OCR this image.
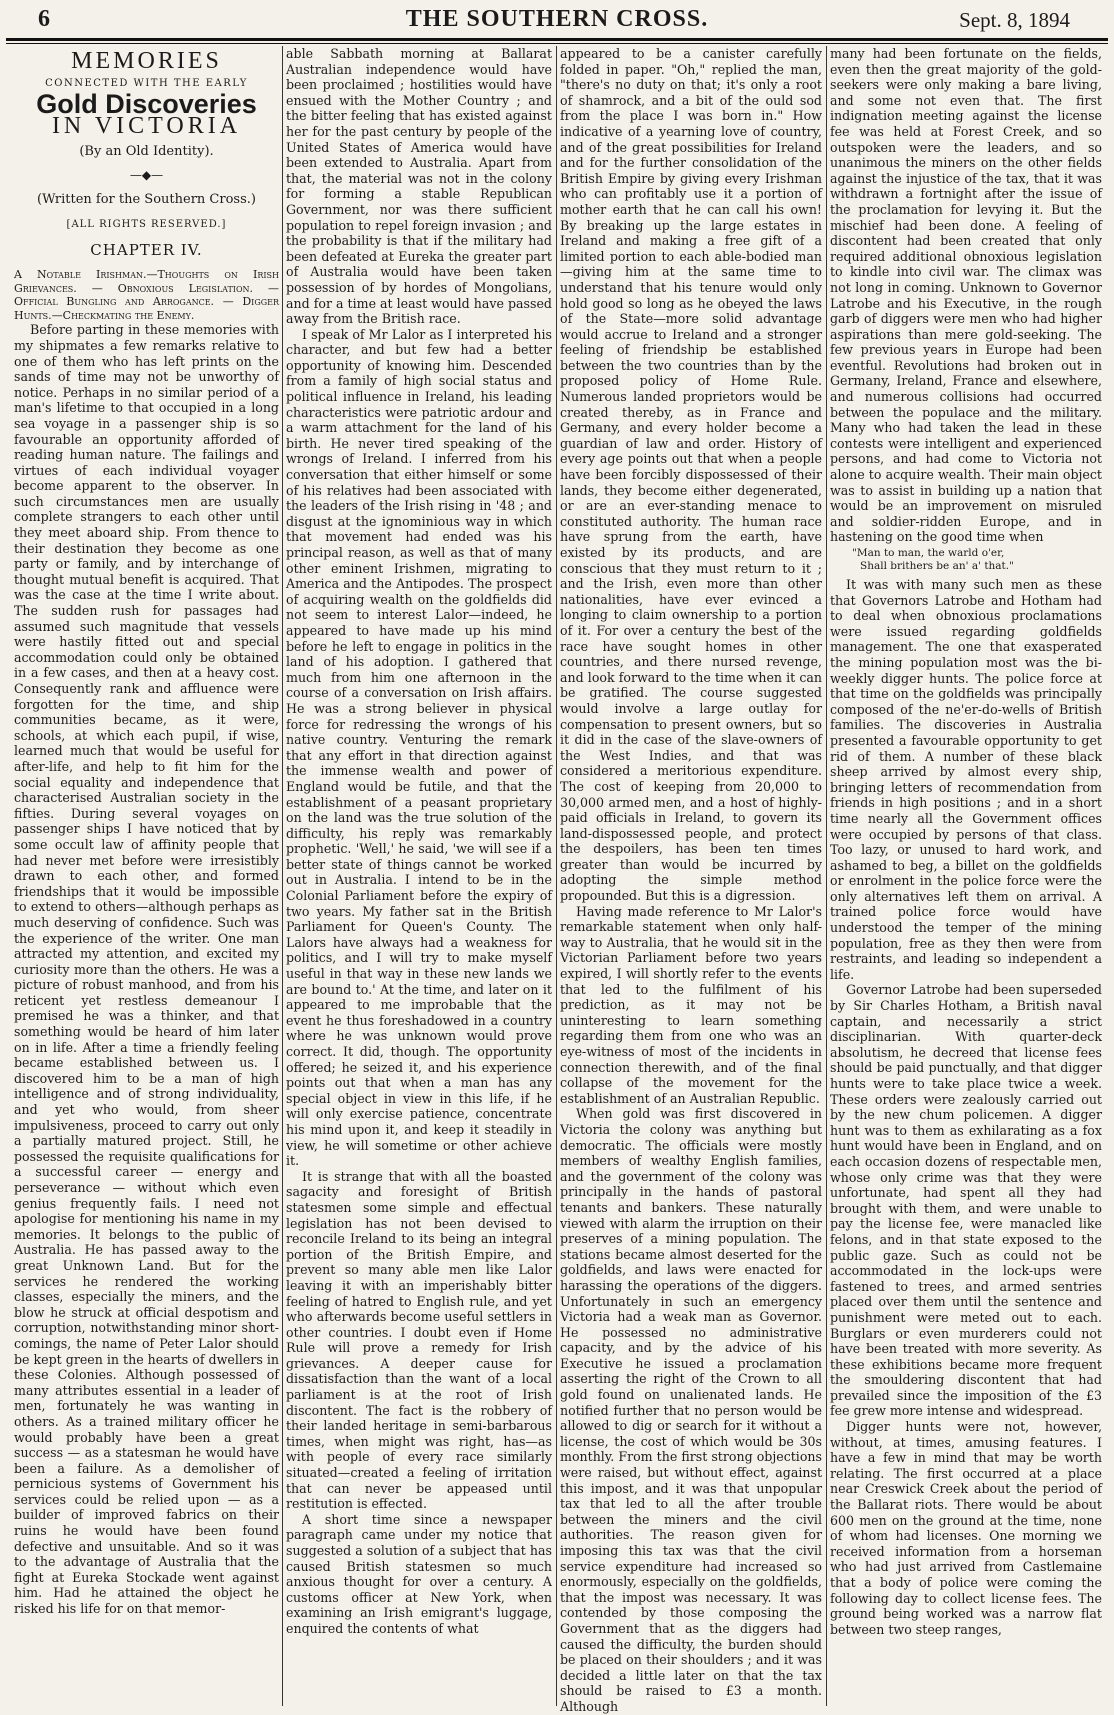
6	THE SOUTHERN CROSS.	Sept. 8, 1894
MEMORIES
CONNECTED WITH THE EARLY
Gold Discoveries
IN VICTORIA
(By an Old Identity).
—◆—
(Written for the Southern Cross.)
[ALL RIGHTS RESERVED.]
CHAPTER IV.

A Notable Irishman.—Thoughts on Irish Grievances. — Obnoxious Legislation. — Official Bungling and Arrogance. — Digger Hunts.—Checkmating the Enemy.

Before parting in these memories with my shipmates a few remarks relative to one of them who has left prints on the sands of time may not be unworthy of notice. Perhaps in no similar period of a man's lifetime to that occupied in a long sea voyage in a passenger ship is so favourable an opportunity afforded of reading human nature. The failings and virtues of each individual voyager become apparent to the observer. In such circumstances men are usually complete strangers to each other until they meet aboard ship. From thence to their destination they become as one party or family, and by interchange of thought mutual benefit is acquired. That was the case at the time I write about. The sudden rush for passages had assumed such magnitude that vessels were hastily fitted out and special accommodation could only be obtained in a few cases, and then at a heavy cost. Consequently rank and affluence were forgotten for the time, and ship communities became, as it were, schools, at which each pupil, if wise, learned much that would be useful for after-life, and help to fit him for the social equality and independence that characterised Australian society in the fifties. During several voyages on passenger ships I have noticed that by some occult law of affinity people that had never met before were irresistibly drawn to each other, and formed friendships that it would be impossible to extend to others—although perhaps as much deserving of confidence. Such was the experience of the writer. One man attracted my attention, and excited my curiosity more than the others. He was a picture of robust manhood, and from his reticent yet restless demeanour I premised he was a thinker, and that something would be heard of him later on in life. After a time a friendly feeling became established between us. I discovered him to be a man of high intelligence and of strong individuality, and yet who would, from sheer impulsiveness, proceed to carry out only a partially matured project. Still, he possessed the requisite qualifications for a successful career — energy and perseverance — without which even genius frequently fails. I need not apologise for mentioning his name in my memories. It belongs to the public of Australia. He has passed away to the great Unknown Land. But for the services he rendered the working classes, especially the miners, and the blow he struck at official despotism and corruption, notwithstanding minor short-comings, the name of Peter Lalor should be kept green in the hearts of dwellers in these Colonies. Although possessed of many attributes essential in a leader of men, fortunately he was wanting in others. As a trained military officer he would probably have been a great success — as a statesman he would have been a failure. As a demolisher of pernicious systems of Government his services could be relied upon — as a builder of improved fabrics on their ruins he would have been found defective and unsuitable. And so it was to the advantage of Australia that the fight at Eureka Stockade went against him. Had he attained the object he risked his life for on that memor-

able Sabbath morning at Ballarat Australian independence would have been proclaimed ; hostilities would have ensued with the Mother Country ; and the bitter feeling that has existed against her for the past century by people of the United States of America would have been extended to Australia. Apart from that, the material was not in the colony for forming a stable Republican Government, nor was there sufficient population to repel foreign invasion ; and the probability is that if the military had been defeated at Eureka the greater part of Australia would have been taken possession of by hordes of Mongolians, and for a time at least would have passed away from the British race.

I speak of Mr Lalor as I interpreted his character, and but few had a better opportunity of knowing him. Descended from a family of high social status and political influence in Ireland, his leading characteristics were patriotic ardour and a warm attachment for the land of his birth. He never tired speaking of the wrongs of Ireland. I inferred from his conversation that either himself or some of his relatives had been associated with the leaders of the Irish rising in '48 ; and disgust at the ignominious way in which that movement had ended was his principal reason, as well as that of many other eminent Irishmen, migrating to America and the Antipodes. The prospect of acquiring wealth on the goldfields did not seem to interest Lalor—indeed, he appeared to have made up his mind before he left to engage in politics in the land of his adoption. I gathered that much from him one afternoon in the course of a conversation on Irish affairs. He was a strong believer in physical force for redressing the wrongs of his native country. Venturing the remark that any effort in that direction against the immense wealth and power of England would be futile, and that the establishment of a peasant proprietary on the land was the true solution of the difficulty, his reply was remarkably prophetic. 'Well,' he said, 'we will see if a better state of things cannot be worked out in Australia. I intend to be in the Colonial Parliament before the expiry of two years. My father sat in the British Parliament for Queen's County. The Lalors have always had a weakness for politics, and I will try to make myself useful in that way in these new lands we are bound to.' At the time, and later on it appeared to me improbable that the event he thus foreshadowed in a country where he was unknown would prove correct. It did, though. The opportunity offered; he seized it, and his experience points out that when a man has any special object in view in this life, if he will only exercise patience, concentrate his mind upon it, and keep it steadily in view, he will sometime or other achieve it.

It is strange that with all the boasted sagacity and foresight of British statesmen some simple and effectual legislation has not been devised to reconcile Ireland to its being an integral portion of the British Empire, and prevent so many able men like Lalor leaving it with an imperishably bitter feeling of hatred to English rule, and yet who afterwards become useful settlers in other countries. I doubt even if Home Rule will prove a remedy for Irish grievances. A deeper cause for dissatisfaction than the want of a local parliament is at the root of Irish discontent. The fact is the robbery of their landed heritage in semi-barbarous times, when might was right, has—as with people of every race similarly situated—created a feeling of irritation that can never be appeased until restitution is effected.

A short time since a newspaper paragraph came under my notice that suggested a solution of a subject that has caused British statesmen so much anxious thought for over a century. A customs officer at New York, when examining an Irish emigrant's luggage, enquired the contents of what

appeared to be a canister carefully folded in paper. "Oh," replied the man, "there's no duty on that; it's only a root of shamrock, and a bit of the ould sod from the place I was born in." How indicative of a yearning love of country, and of the great possibilities for Ireland and for the further consolidation of the British Empire by giving every Irishman who can profitably use it a portion of mother earth that he can call his own! By breaking up the large estates in Ireland and making a free gift of a limited portion to each able-bodied man—giving him at the same time to understand that his tenure would only hold good so long as he obeyed the laws of the State—more solid advantage would accrue to Ireland and a stronger feeling of friendship be established between the two countries than by the proposed policy of Home Rule. Numerous landed proprietors would be created thereby, as in France and Germany, and every holder become a guardian of law and order. History of every age points out that when a people have been forcibly dispossessed of their lands, they become either degenerated, or are an ever-standing menace to constituted authority. The human race have sprung from the earth, have existed by its products, and are conscious that they must return to it ; and the Irish, even more than other nationalities, have ever evinced a longing to claim ownership to a portion of it. For over a century the best of the race have sought homes in other countries, and there nursed revenge, and look forward to the time when it can be gratified. The course suggested would involve a large outlay for compensation to present owners, but so it did in the case of the slave-owners of the West Indies, and that was considered a meritorious expenditure. The cost of keeping from 20,000 to 30,000 armed men, and a host of highly-paid officials in Ireland, to govern its land-dispossessed people, and protect the despoilers, has been ten times greater than would be incurred by adopting the simple method propounded. But this is a digression.

Having made reference to Mr Lalor's remarkable statement when only half-way to Australia, that he would sit in the Victorian Parliament before two years expired, I will shortly refer to the events that led to the fulfilment of his prediction, as it may not be uninteresting to learn something regarding them from one who was an eye-witness of most of the incidents in connection therewith, and of the final collapse of the movement for the establishment of an Australian Republic.

When gold was first discovered in Victoria the colony was anything but democratic. The officials were mostly members of wealthy English families, and the government of the colony was principally in the hands of pastoral tenants and bankers. These naturally viewed with alarm the irruption on their preserves of a mining population. The stations became almost deserted for the goldfields, and laws were enacted for harassing the operations of the diggers. Unfortunately in such an emergency Victoria had a weak man as Governor. He possessed no administrative capacity, and by the advice of his Executive he issued a proclamation asserting the right of the Crown to all gold found on unalienated lands. He notified further that no person would be allowed to dig or search for it without a license, the cost of which would be 30s monthly. From the first strong objections were raised, but without effect, against this impost, and it was that unpopular tax that led to all the after trouble between the miners and the civil authorities. The reason given for imposing this tax was that the civil service expenditure had increased so enormously, especially on the goldfields, that the impost was necessary. It was contended by those composing the Government that as the diggers had caused the difficulty, the burden should be placed on their shoulders ; and it was decided a little later on that the tax should be raised to £3 a month. Although

many had been fortunate on the fields, even then the great majority of the gold-seekers were only making a bare living, and some not even that. The first indignation meeting against the license fee was held at Forest Creek, and so outspoken were the leaders, and so unanimous the miners on the other fields against the injustice of the tax, that it was withdrawn a fortnight after the issue of the proclamation for levying it. But the mischief had been done. A feeling of discontent had been created that only required additional obnoxious legislation to kindle into civil war. The climax was not long in coming. Unknown to Governor Latrobe and his Executive, in the rough garb of diggers were men who had higher aspirations than mere gold-seeking. The few previous years in Europe had been eventful. Revolutions had broken out in Germany, Ireland, France and elsewhere, and numerous collisions had occurred between the populace and the military. Many who had taken the lead in these contests were intelligent and experienced persons, and had come to Victoria not alone to acquire wealth. Their main object was to assist in building up a nation that would be an improvement on misruled and soldier-ridden Europe, and in hastening on the good time when

"Man to man, the warld o'er,
Shall brithers be an' a' that."

It was with many such men as these that Governors Latrobe and Hotham had to deal when obnoxious proclamations were issued regarding goldfields management. The one that exasperated the mining population most was the bi-weekly digger hunts. The police force at that time on the goldfields was principally composed of the ne'er-do-wells of British families. The discoveries in Australia presented a favourable opportunity to get rid of them. A number of these black sheep arrived by almost every ship, bringing letters of recommendation from friends in high positions ; and in a short time nearly all the Government offices were occupied by persons of that class. Too lazy, or unused to hard work, and ashamed to beg, a billet on the goldfields or enrolment in the police force were the only alternatives left them on arrival. A trained police force would have understood the temper of the mining population, free as they then were from restraints, and leading so independent a life.

Governor Latrobe had been superseded by Sir Charles Hotham, a British naval captain, and necessarily a strict disciplinarian. With quarter-deck absolutism, he decreed that license fees should be paid punctually, and that digger hunts were to take place twice a week. These orders were zealously carried out by the new chum policemen. A digger hunt was to them as exhilarating as a fox hunt would have been in England, and on each occasion dozens of respectable men, whose only crime was that they were unfortunate, had spent all they had brought with them, and were unable to pay the license fee, were manacled like felons, and in that state exposed to the public gaze. Such as could not be accommodated in the lock-ups were fastened to trees, and armed sentries placed over them until the sentence and punishment were meted out to each. Burglars or even murderers could not have been treated with more severity. As these exhibitions became more frequent the smouldering discontent that had prevailed since the imposition of the £3 fee grew more intense and widespread.

Digger hunts were not, however, without, at times, amusing features. I have a few in mind that may be worth relating. The first occurred at a place near Creswick Creek about the period of the Ballarat riots. There would be about 600 men on the ground at the time, none of whom had licenses. One morning we received information from a horseman who had just arrived from Castlemaine that a body of police were coming the following day to collect license fees. The ground being worked was a narrow flat between two steep ranges,
